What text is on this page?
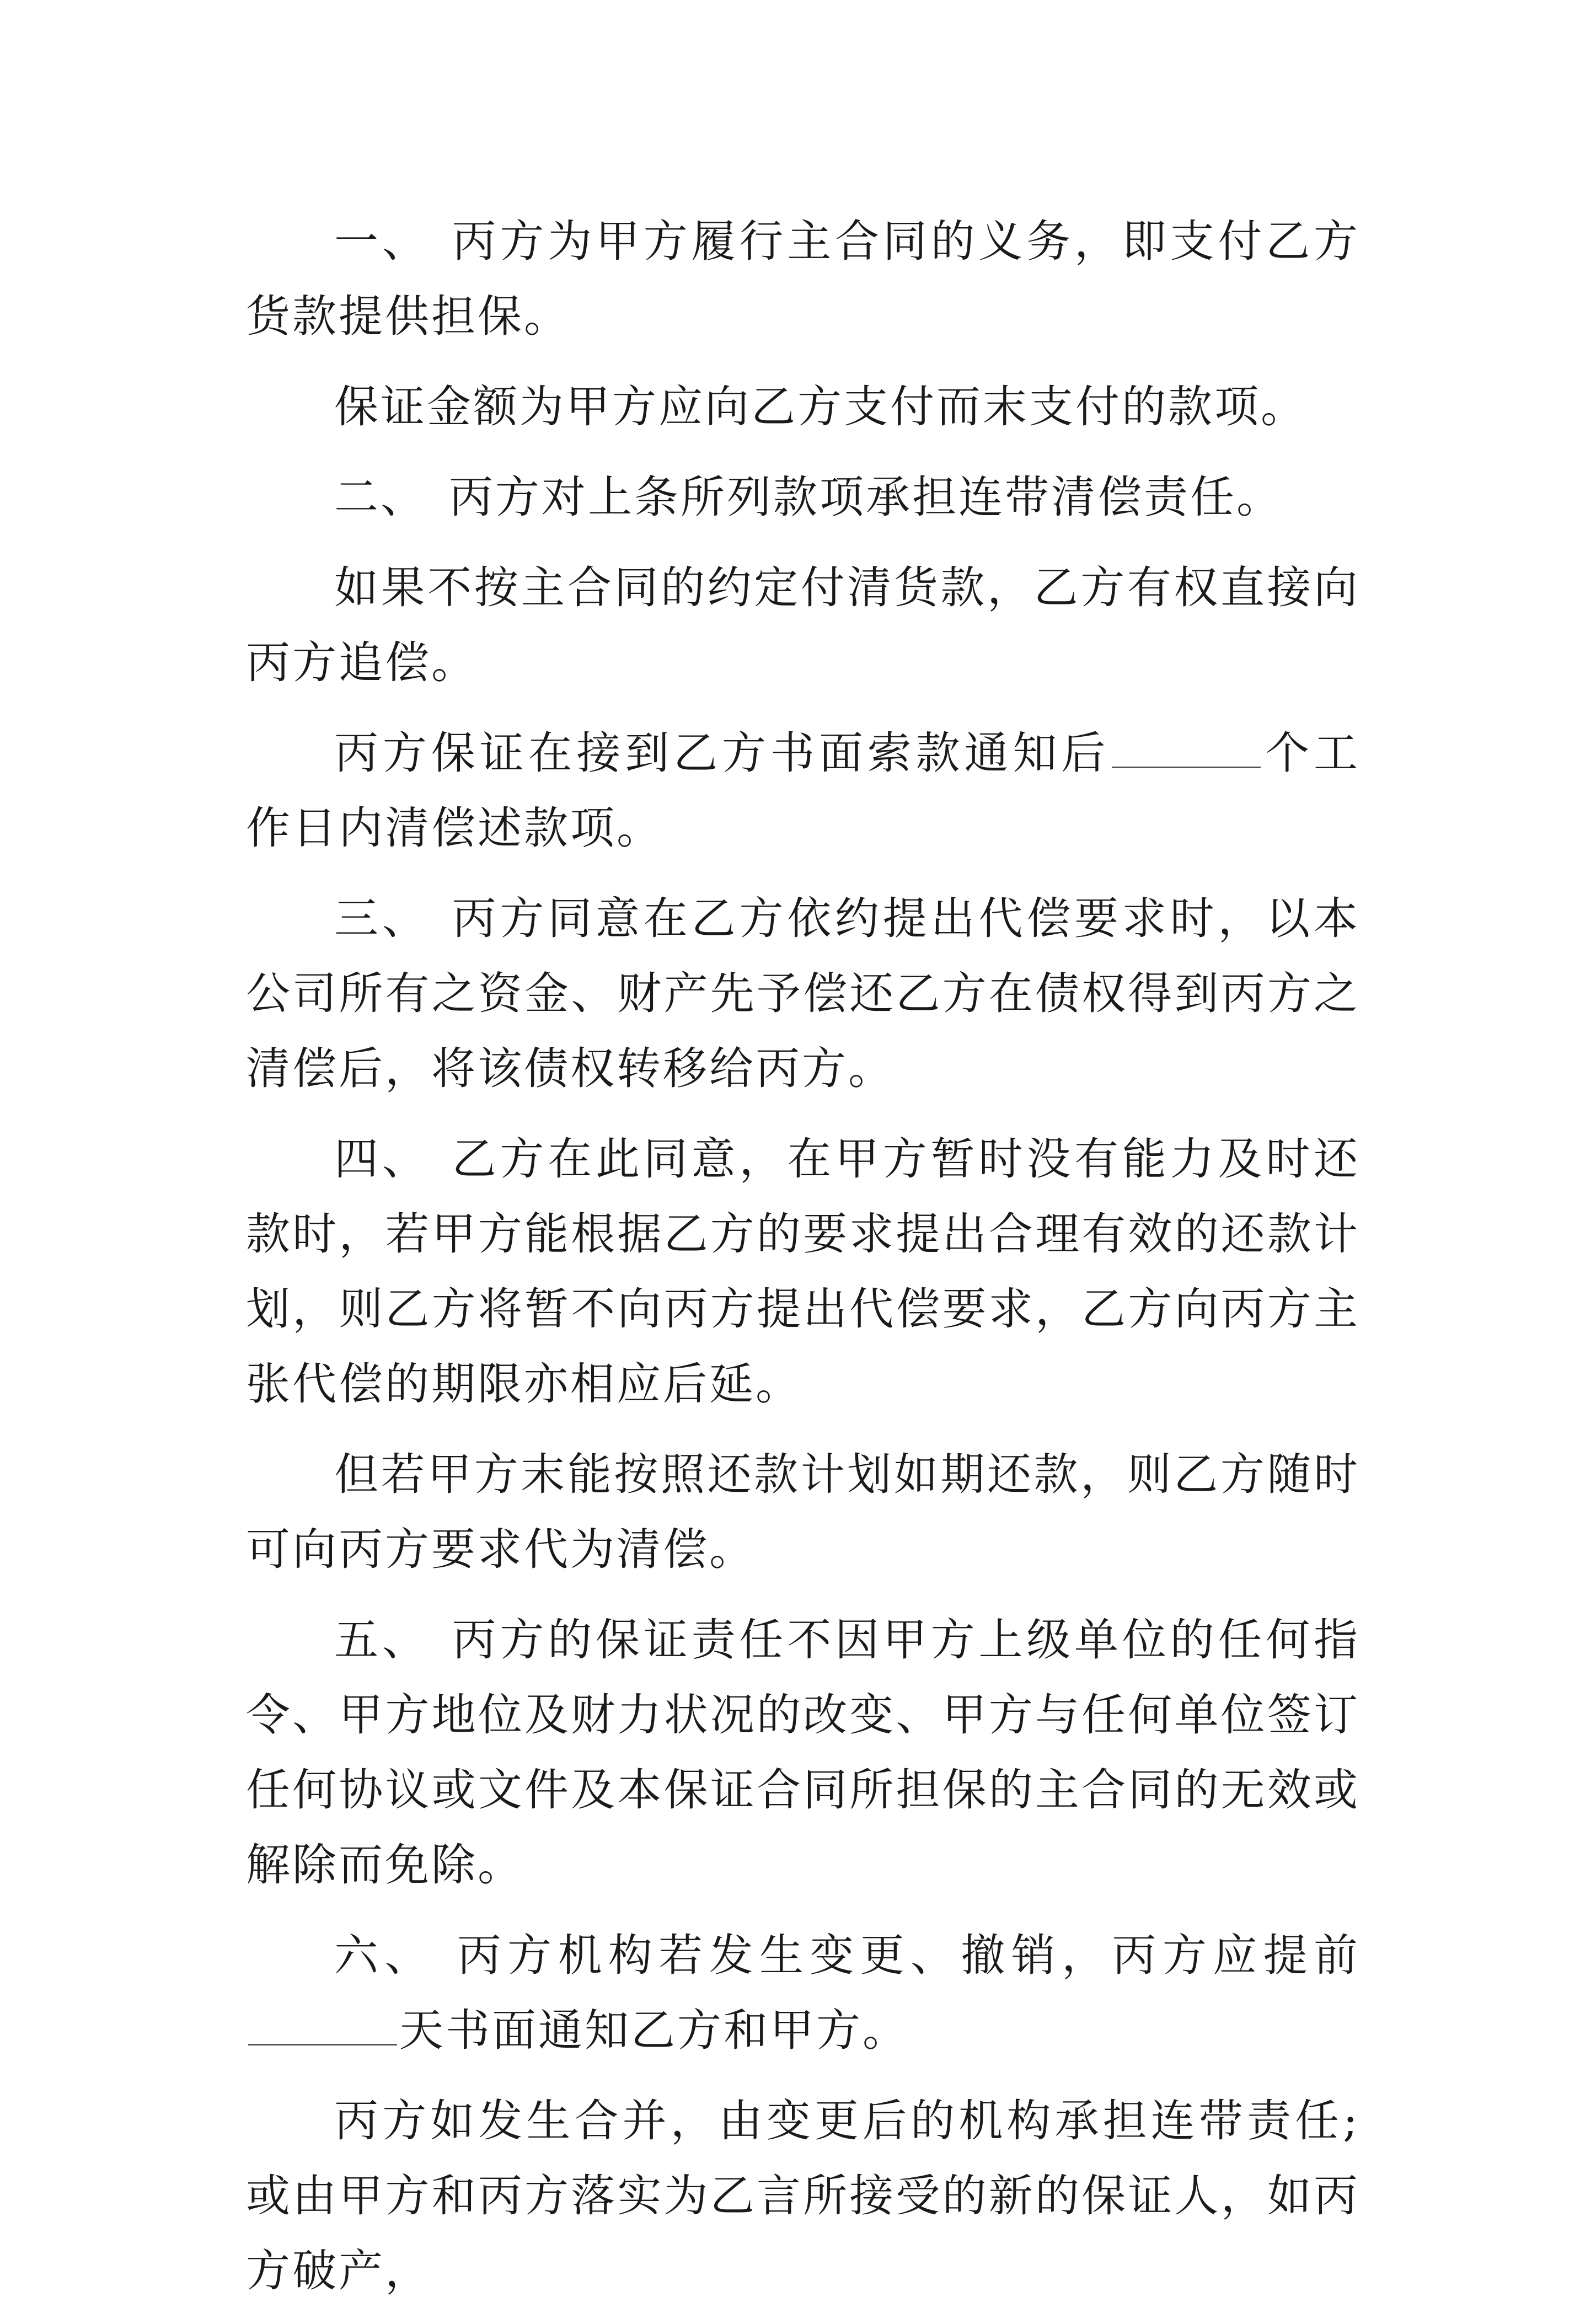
一、 丙方为甲方履行主合同的义务，即支付乙方货款提供担保。

保证金额为甲方应向乙方支付而末支付的款项。

二、 丙方对上条所列款项承担连带清偿责任。

如果不按主合同的约定付清货款，乙方有权直接向丙方追偿。

丙方保证在接到乙方书面索款通知后	个工作日内清偿述款项。

三、 丙方同意在乙方依约提出代偿要求时，以本公司所有之资金、财产先予偿还乙方在债权得到丙方之清偿后，将该债权转移给丙方。

四、 乙方在此同意，在甲方暂时没有能力及时还款时，若甲方能根据乙方的要求提出合理有效的还款计划，则乙方将暂不向丙方提出代偿要求，乙方向丙方主张代偿的期限亦相应后延。

但若甲方末能按照还款计划如期还款，则乙方随时可向丙方要求代为清偿。

五、 丙方的保证责任不因甲方上级单位的任何指令、甲方地位及财力状况的改变、甲方与任何单位签订任何协议或文件及本保证合同所担保的主合同的无效或解除而免除。

六、 丙方机构若发生变更、撤销，丙方应提前天书面通知乙方和甲方。

丙方如发生合并，由变更后的机构承担连带责任;或由甲方和丙方落实为乙言所接受的新的保证人，如丙方破产，
